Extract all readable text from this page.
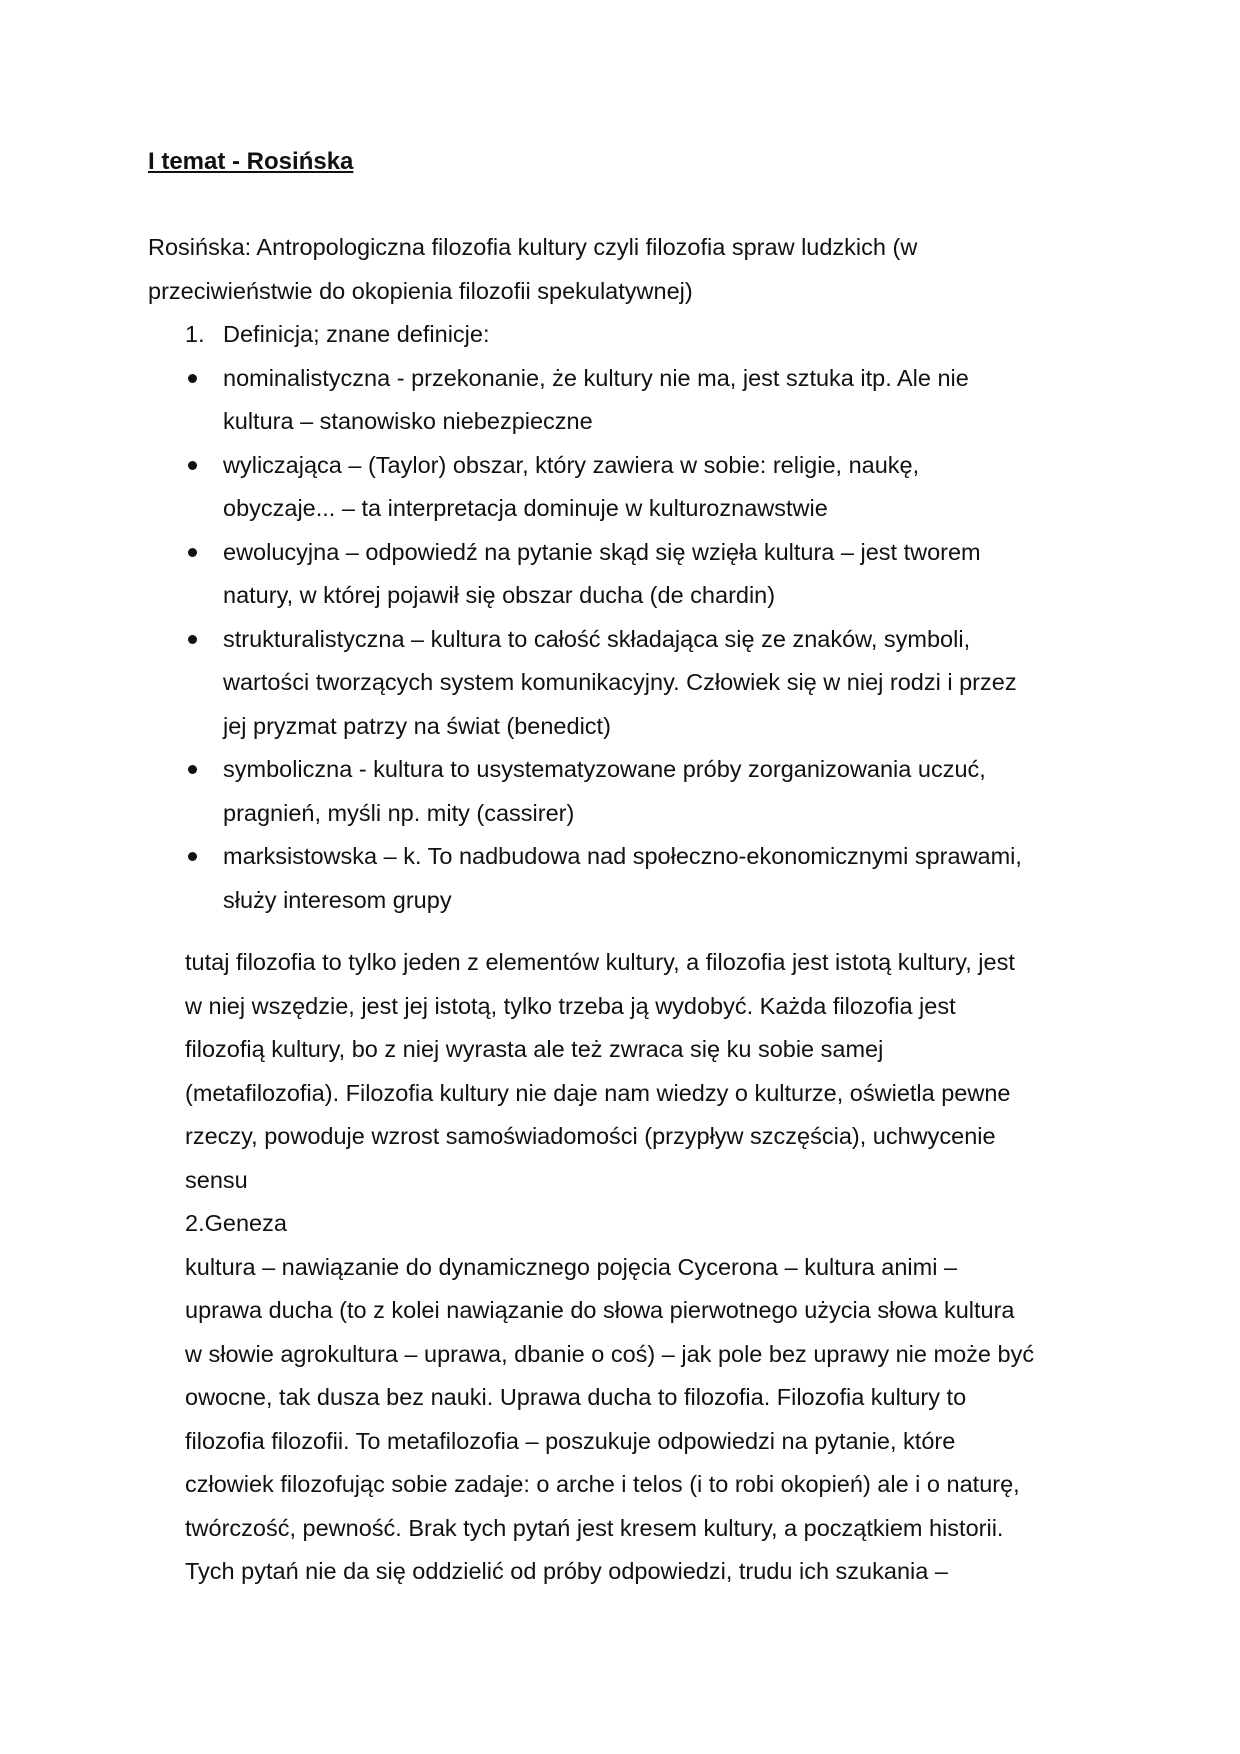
I temat - Rosińska
Rosińska: Antropologiczna filozofia kultury czyli filozofia spraw ludzkich (w
przeciwieństwie do okopienia filozofii spekulatywnej)
1. Definicja; znane definicje:
nominalistyczna - przekonanie, że kultury nie ma, jest sztuka itp. Ale nie
kultura – stanowisko niebezpieczne
wyliczająca – (Taylor) obszar, który zawiera w sobie: religie, naukę,
obyczaje... – ta interpretacja dominuje w kulturoznawstwie
ewolucyjna – odpowiedź na pytanie skąd się wzięła kultura – jest tworem
natury, w której pojawił się obszar ducha (de chardin)
strukturalistyczna – kultura to całość składająca się ze znaków, symboli,
wartości tworzących system komunikacyjny. Człowiek się w niej rodzi i przez
jej pryzmat patrzy na świat (benedict)
symboliczna - kultura to usystematyzowane próby zorganizowania uczuć,
pragnień, myśli np. mity (cassirer)
marksistowska – k. To nadbudowa nad społeczno-ekonomicznymi sprawami,
służy interesom grupy
tutaj filozofia to tylko jeden z elementów kultury, a filozofia jest istotą kultury, jest
w niej wszędzie, jest jej istotą, tylko trzeba ją wydobyć. Każda filozofia jest
filozofią kultury, bo z niej wyrasta ale też zwraca się ku sobie samej
(metafilozofia). Filozofia kultury nie daje nam wiedzy o kulturze, oświetla pewne
rzeczy, powoduje wzrost samoświadomości (przypływ szczęścia), uchwycenie
sensu
2.Geneza
kultura – nawiązanie do dynamicznego pojęcia Cycerona – kultura animi –
uprawa ducha (to z kolei nawiązanie do słowa pierwotnego użycia słowa kultura
w słowie agrokultura – uprawa, dbanie o coś) – jak pole bez uprawy nie może być
owocne, tak dusza bez nauki. Uprawa ducha to filozofia. Filozofia kultury to
filozofia filozofii. To metafilozofia – poszukuje odpowiedzi na pytanie, które
człowiek filozofując sobie zadaje: o arche i telos (i to robi okopień) ale i o naturę,
twórczość, pewność. Brak tych pytań jest kresem kultury, a początkiem historii.
Tych pytań nie da się oddzielić od próby odpowiedzi, trudu ich szukania –
